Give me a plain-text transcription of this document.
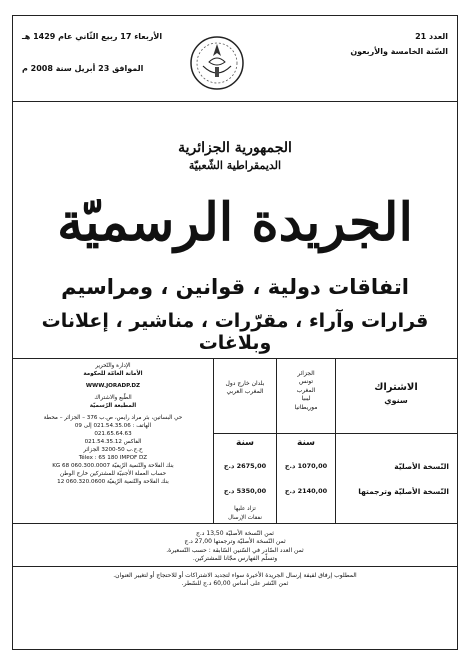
العدد 21
السّنة الخامسة والأربعون
الأربعاء 17 ربيع الثّاني عام 1429 هـ
الموافق 23 أبريل سنة 2008 م
الجمهورية الجزائرية
الديمقراطية الشّعبيّة
الجريدة الرسميّة
اتفاقات دولية ، قوانين ، ومراسيم
قرارات وآراء ، مقرّرات ، مناشير ، إعلانات وبلاغات
الاشتراك
سنوي
النّسخة الأصليّة
النّسخة الأصليّة وترجمتها
الجزائر
تونس
المغرب
ليبيا
موريطانيا
سنة
1070,00 د.ج
2140,00 د.ج
بلدان خارج دول المغرب العربي
سنة
2675,00 د.ج
5350,00 د.ج
تزاد عليها
نفقات الإرسال
الإدارة والتّحرير
الأمانة العامّة للحكومة
WWW.JORADP.DZ
الطّبع والاشتراك
المطبعة الرّسميّة
حي البساتين، بئر مراد رايس، ص.ب 376 – الجزائر – محطة
الهاتف : 021.54.35.06 إلى 09
021.65.64.63
الفاكس 021.54.35.12
ح.ج.ب 50-3200 الجزائر
Télex : 65 180 IMPOF DZ
بنك الفلاحة والتّنمية الرّيفيّة 060.300.0007 68 KG
حساب العملة الأجنبيّة للمشتركين خارج الوطن
بنك الفلاحة والتّنمية الرّيفيّة 060.320.0600 12
ثمن النّسخة الأصليّة 13,50 د.ج
ثمن النّسخة الأصليّة وترجمتها 27,00 د.ج
ثمن العدد الصّادر في السّنين السّابقة : حسب التّسعيرة.
وتسلّم الفهارس مجّانا للمشتركين.
المطلوب إرفاق لفيفة إرسال الجريدة الأخيرة سواء لتجديد الاشتراكات أو للاحتجاج أو لتغيير العنوان.
ثمن النّشر على أساس 60,00 د.ج للسّطر.
